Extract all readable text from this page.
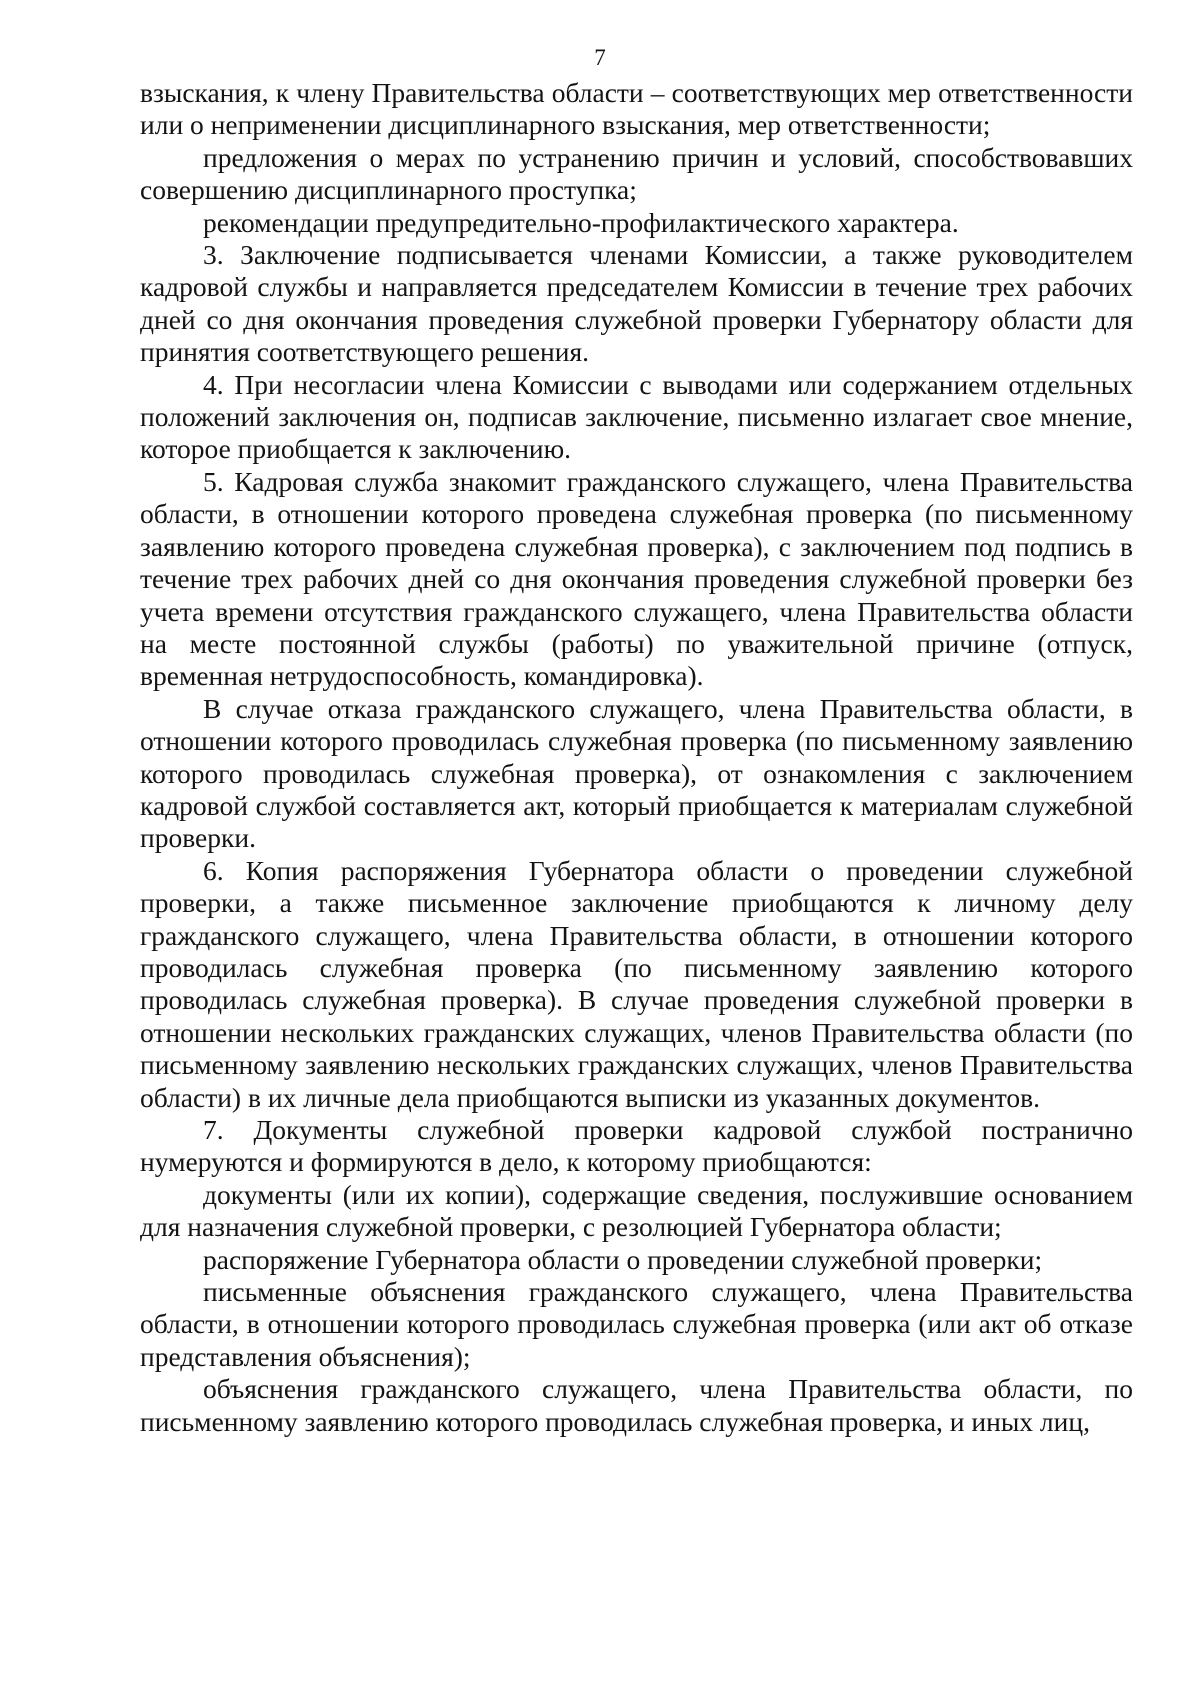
7

взыскания, к члену Правительства области – соответствующих мер ответственности или о неприменении дисциплинарного взыскания, мер ответственности;

предложения о мерах по устранению причин и условий, способствовавших совершению дисциплинарного проступка;

рекомендации предупредительно-профилактического характера.

3. Заключение подписывается членами Комиссии, а также руководителем кадровой службы и направляется председателем Комиссии в течение трех рабочих дней со дня окончания проведения служебной проверки Губернатору области для принятия соответствующего решения.

4. При несогласии члена Комиссии с выводами или содержанием отдельных положений заключения он, подписав заключение, письменно излагает свое мнение, которое приобщается к заключению.

5. Кадровая служба знакомит гражданского служащего, члена Правительства области, в отношении которого проведена служебная проверка (по письменному заявлению которого проведена служебная проверка), с заключением под подпись в течение трех рабочих дней со дня окончания проведения служебной проверки без учета времени отсутствия гражданского служащего, члена Правительства области на месте постоянной службы (работы) по уважительной причине (отпуск, временная нетрудоспособность, командировка).

В случае отказа гражданского служащего, члена Правительства области, в отношении которого проводилась служебная проверка (по письменному заявлению которого проводилась служебная проверка), от ознакомления с заключением кадровой службой составляется акт, который приобщается к материалам служебной проверки.

6. Копия распоряжения Губернатора области о проведении служебной проверки, а также письменное заключение приобщаются к личному делу гражданского служащего, члена Правительства области, в отношении которого проводилась служебная проверка (по письменному заявлению которого проводилась служебная проверка). В случае проведения служебной проверки в отношении нескольких гражданских служащих, членов Правительства области (по письменному заявлению нескольких гражданских служащих, членов Правительства области) в их личные дела приобщаются выписки из указанных документов.

7. Документы служебной проверки кадровой службой постранично нумеруются и формируются в дело, к которому приобщаются:

документы (или их копии), содержащие сведения, послужившие основанием для назначения служебной проверки, с резолюцией Губернатора области;

распоряжение Губернатора области о проведении служебной проверки;

письменные объяснения гражданского служащего, члена Правительства области, в отношении которого проводилась служебная проверка (или акт об отказе представления объяснения);

объяснения гражданского служащего, члена Правительства области, по письменному заявлению которого проводилась служебная проверка, и иных лиц,
